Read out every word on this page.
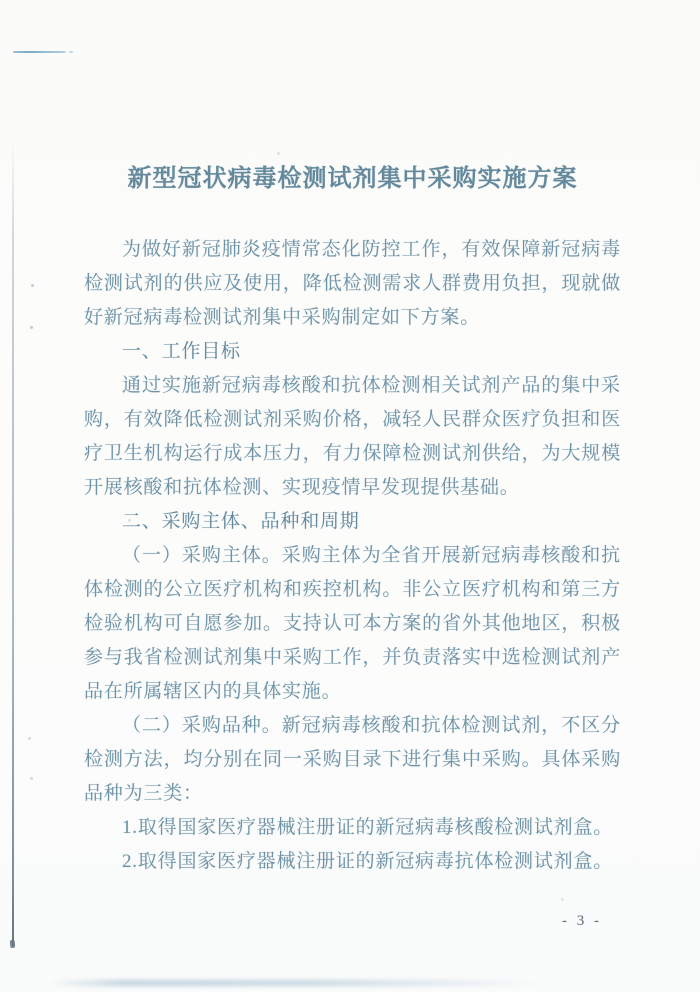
新型冠状病毒检测试剂集中采购实施方案

为做好新冠肺炎疫情常态化防控工作，有效保障新冠病毒检测试剂的供应及使用，降低检测需求人群费用负担，现就做好新冠病毒检测试剂集中采购制定如下方案。

一、工作目标

通过实施新冠病毒核酸和抗体检测相关试剂产品的集中采购，有效降低检测试剂采购价格，减轻人民群众医疗负担和医疗卫生机构运行成本压力，有力保障检测试剂供给，为大规模开展核酸和抗体检测、实现疫情早发现提供基础。

二、采购主体、品种和周期

（一）采购主体。采购主体为全省开展新冠病毒核酸和抗体检测的公立医疗机构和疾控机构。非公立医疗机构和第三方检验机构可自愿参加。支持认可本方案的省外其他地区，积极参与我省检测试剂集中采购工作，并负责落实中选检测试剂产品在所属辖区内的具体实施。

（二）采购品种。新冠病毒核酸和抗体检测试剂，不区分检测方法，均分别在同一采购目录下进行集中采购。具体采购品种为三类：

1.取得国家医疗器械注册证的新冠病毒核酸检测试剂盒。

2.取得国家医疗器械注册证的新冠病毒抗体检测试剂盒。

- 3 -
